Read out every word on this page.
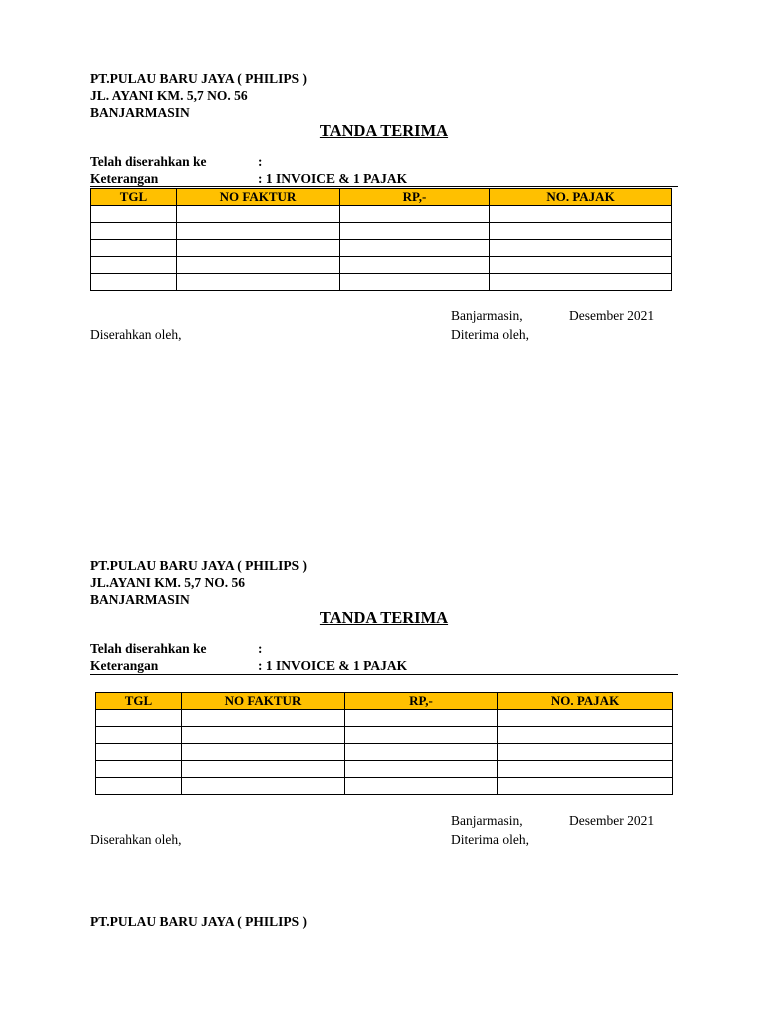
PT.PULAU BARU JAYA ( PHILIPS )
JL. AYANI KM. 5,7 NO. 56
BANJARMASIN
TANDA TERIMA
Telah diserahkan ke	:
Keterangan	: 1 INVOICE & 1 PAJAK
TGL	NO FAKTUR	RP,-	NO. PAJAK

Banjarmasin,	Desember 2021
Diserahkan oleh,	Diterima oleh,
PT.PULAU BARU JAYA ( PHILIPS )
JL.AYANI KM. 5,7 NO. 56
BANJARMASIN
TANDA TERIMA
Telah diserahkan ke	:
Keterangan	: 1 INVOICE & 1 PAJAK
TGL	NO FAKTUR	RP,-	NO. PAJAK

Banjarmasin,	Desember 2021
Diserahkan oleh,	Diterima oleh,
PT.PULAU BARU JAYA ( PHILIPS )
